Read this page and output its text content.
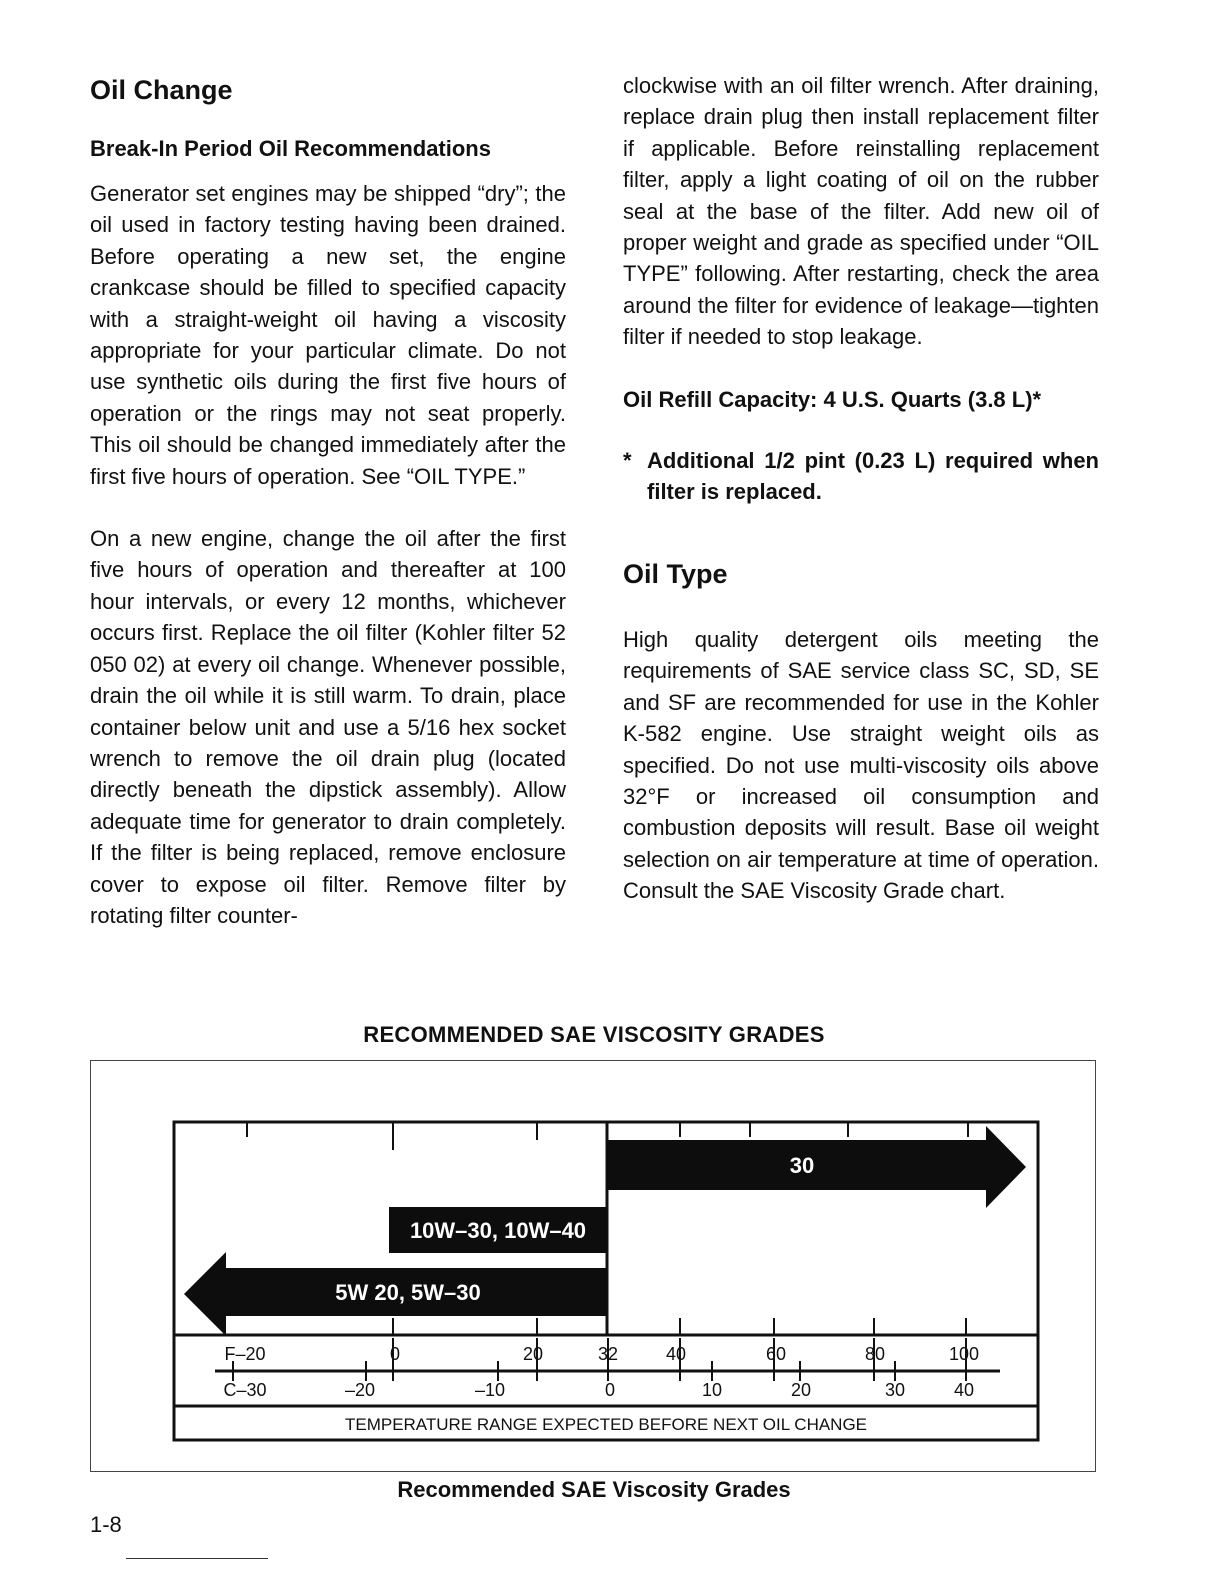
Oil Change
Break-In Period Oil Recommendations

Generator set engines may be shipped “dry”; the oil used in factory testing having been drained. Before operating a new set, the engine crankcase should be filled to specified capacity with a straight-weight oil having a viscosity appropriate for your particular climate. Do not use synthetic oils during the first five hours of operation or the rings may not seat properly. This oil should be changed immediately after the first five hours of operation. See “OIL TYPE.”

On a new engine, change the oil after the first five hours of operation and thereafter at 100 hour intervals, or every 12 months, whichever occurs first. Replace the oil filter (Kohler filter 52 050 02) at every oil change. Whenever possible, drain the oil while it is still warm. To drain, place container below unit and use a 5/16 hex socket wrench to remove the oil drain plug (located directly beneath the dipstick assembly). Allow adequate time for generator to drain completely. If the filter is being replaced, remove enclosure cover to expose oil filter. Remove filter by rotating filter counter-

clockwise with an oil filter wrench. After draining, replace drain plug then install replacement filter if applicable. Before reinstalling replacement filter, apply a light coating of oil on the rubber seal at the base of the filter. Add new oil of proper weight and grade as specified under “OIL TYPE” following. After restarting, check the area around the filter for evidence of leakage—tighten filter if needed to stop leakage.

Oil Refill Capacity: 4 U.S. Quarts (3.8 L)*

* Additional 1/2 pint (0.23 L) required when filter is replaced.
Oil Type

High quality detergent oils meeting the requirements of SAE service class SC, SD, SE and SF are recommended for use in the Kohler K-582 engine. Use straight weight oils as specified. Do not use multi-viscosity oils above 32°F or increased oil consumption and combustion deposits will result. Base oil weight selection on air temperature at time of operation. Consult the SAE Viscosity Grade chart.

RECOMMENDED SAE VISCOSITY GRADES
30
10W–30, 10W–40
5W 20, 5W–30
F–20	0	20	32	40	60	80	100
C–30	–20	–10	0	10	20	30	40
TEMPERATURE RANGE EXPECTED BEFORE NEXT OIL CHANGE
Recommended SAE Viscosity Grades
1-8
